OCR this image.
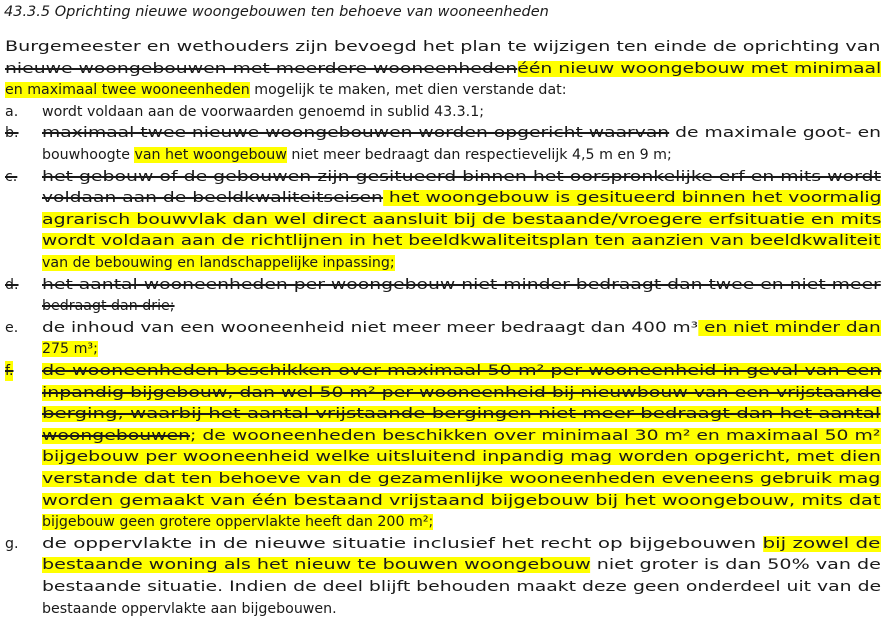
43.3.5 Oprichting nieuwe woongebouwen ten behoeve van wooneenheden
Burgemeester en wethouders zijn bevoegd het plan te wijzigen ten einde de oprichting van
nieuwe woongebouwen met meerdere wooneenhedenéén nieuw woongebouw met minimaal
en maximaal twee wooneenheden mogelijk te maken, met dien verstande dat:
a. wordt voldaan aan de voorwaarden genoemd in sublid 43.3.1;
b. maximaal twee nieuwe woongebouwen worden opgericht waarvan de maximale goot- en
bouwhoogte van het woongebouw niet meer bedraagt dan respectievelijk 4,5 m en 9 m;
c. het gebouw of de gebouwen zijn gesitueerd binnen het oorspronkelijke erf en mits wordt
voldaan aan de beeldkwaliteitseisen het woongebouw is gesitueerd binnen het voormalig
agrarisch bouwvlak dan wel direct aansluit bij de bestaande/vroegere erfsituatie en mits
wordt voldaan aan de richtlijnen in het beeldkwaliteitsplan ten aanzien van beeldkwaliteit
van de bebouwing en landschappelijke inpassing;
d. het aantal wooneenheden per woongebouw niet minder bedraagt dan twee en niet meer
bedraagt dan drie;
e. de inhoud van een wooneenheid niet meer meer bedraagt dan 400 m³ en niet minder dan
275 m³;
f. de wooneenheden beschikken over maximaal 50 m² per wooneenheid in geval van een
inpandig bijgebouw, dan wel 50 m² per wooneenheid bij nieuwbouw van een vrijstaande
berging, waarbij het aantal vrijstaande bergingen niet meer bedraagt dan het aantal
woongebouwen; de wooneenheden beschikken over minimaal 30 m² en maximaal 50 m²
bijgebouw per wooneenheid welke uitsluitend inpandig mag worden opgericht, met dien
verstande dat ten behoeve van de gezamenlijke wooneenheden eveneens gebruik mag
worden gemaakt van één bestaand vrijstaand bijgebouw bij het woongebouw, mits dat
bijgebouw geen grotere oppervlakte heeft dan 200 m²;
g. de oppervlakte in de nieuwe situatie inclusief het recht op bijgebouwen bij zowel de
bestaande woning als het nieuw te bouwen woongebouw niet groter is dan 50% van de
bestaande situatie. Indien de deel blijft behouden maakt deze geen onderdeel uit van de
bestaande oppervlakte aan bijgebouwen.
